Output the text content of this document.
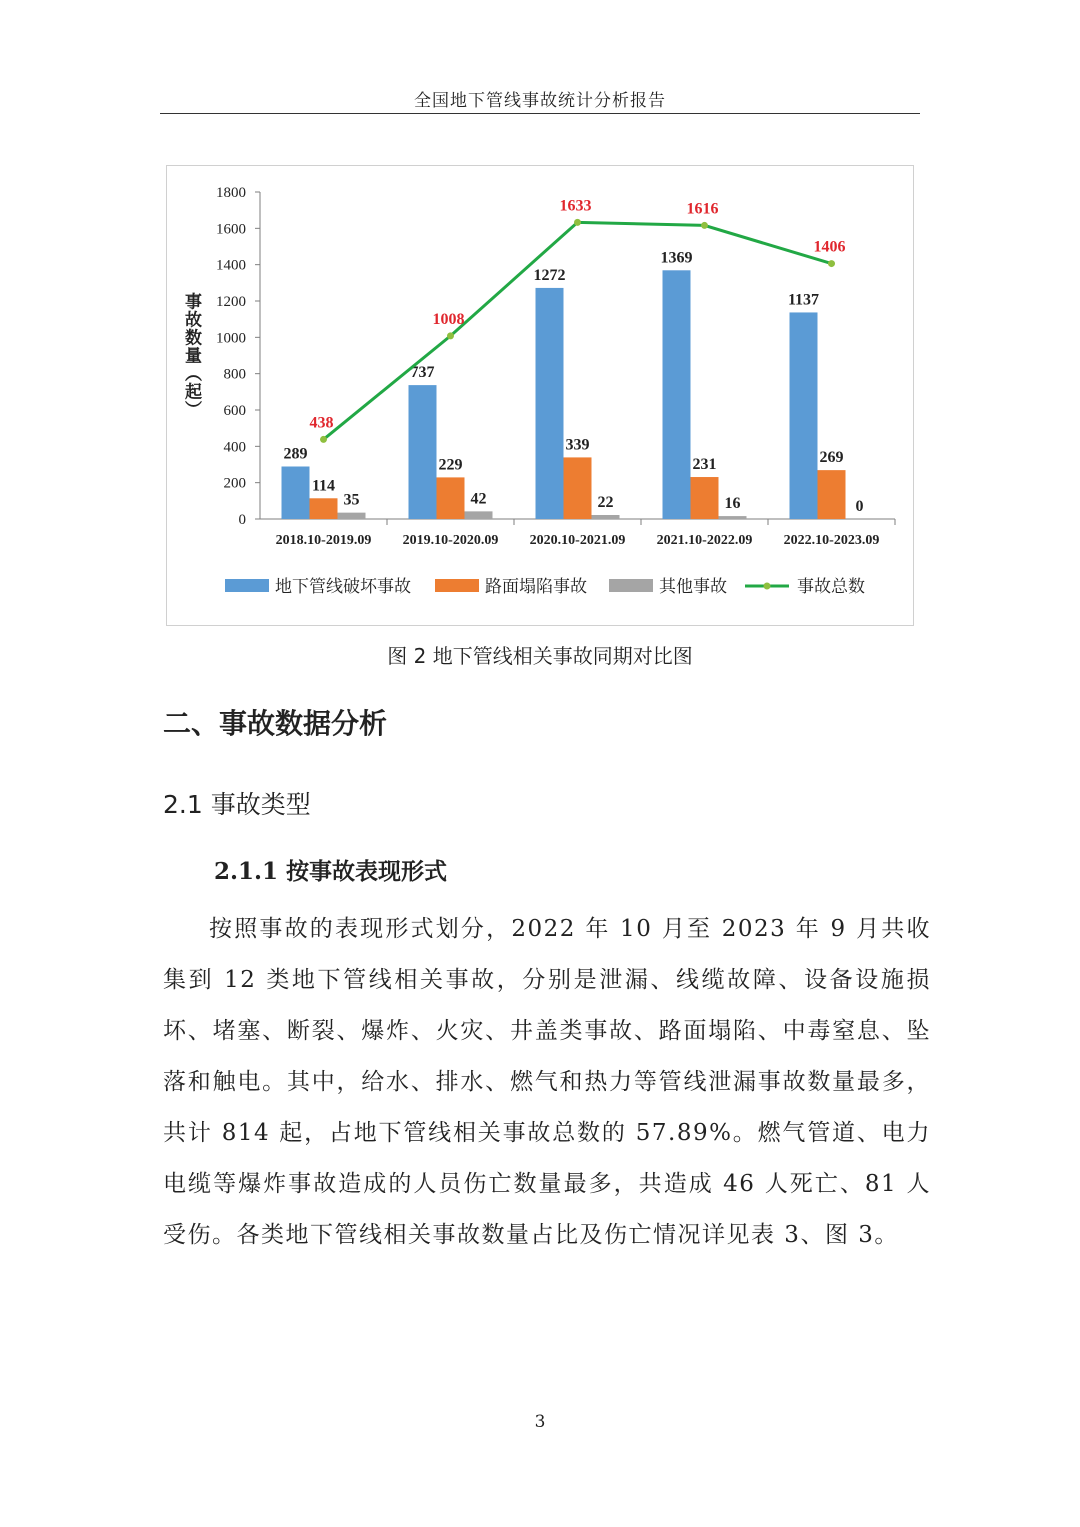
全国地下管线事故统计分析报告
0
200
400
600
800
1000
1200
1400
1600
1800
事故数量（起）
2018.10-2019.09
289
114
35
2019.10-2020.09
737
229
42
2020.10-2021.09
1272
339
22
2021.10-2022.09
1369
231
16
2022.10-2023.09
1137
269
0
438
1008
1633	1616
1406
地下管线破坏事故	路面塌陷事故	其他事故	事故总数
图 2 地下管线相关事故同期对比图
二、事故数据分析
2.1 事故类型
2.1.1 按事故表现形式

按照事故的表现形式划分，2022 年 10 月至 2023 年 9 月共收集到 12 类地下管线相关事故，分别是泄漏、线缆故障、设备设施损坏、堵塞、断裂、爆炸、火灾、井盖类事故、路面塌陷、中毒窒息、坠落和触电。其中，给水、排水、燃气和热力等管线泄漏事故数量最多，共计 814 起，占地下管线相关事故总数的 57.89%。燃气管道、电力电缆等爆炸事故造成的人员伤亡数量最多，共造成 46 人死亡、81 人受伤。各类地下管线相关事故数量占比及伤亡情况详见表 3、图 3。

3
